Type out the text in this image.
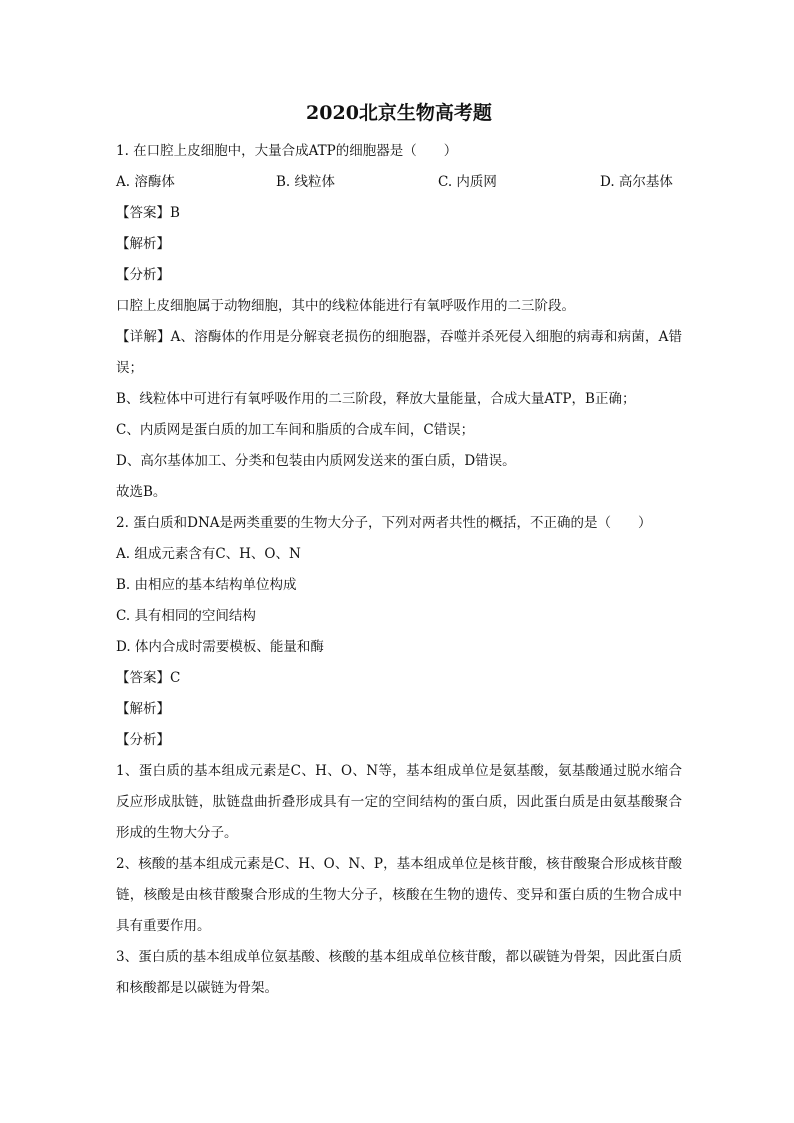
2020北京生物高考题
1. 在口腔上皮细胞中，大量合成ATP的细胞器是（　　）
A. 溶酶体	B. 线粒体	C. 内质网	D. 高尔基体
【答案】B
【解析】
【分析】
口腔上皮细胞属于动物细胞，其中的线粒体能进行有氧呼吸作用的二三阶段。
【详解】A、溶酶体的作用是分解衰老损伤的细胞器，吞噬并杀死侵入细胞的病毒和病菌，A错误；
B、线粒体中可进行有氧呼吸作用的二三阶段，释放大量能量，合成大量ATP，B正确；
C、内质网是蛋白质的加工车间和脂质的合成车间，C错误；
D、高尔基体加工、分类和包装由内质网发送来的蛋白质，D错误。
故选B。
2. 蛋白质和DNA是两类重要的生物大分子，下列对两者共性的概括，不正确的是（　　）
A. 组成元素含有C、H、O、N
B. 由相应的基本结构单位构成
C. 具有相同的空间结构
D. 体内合成时需要模板、能量和酶
【答案】C
【解析】
【分析】
1、蛋白质的基本组成元素是C、H、O、N等，基本组成单位是氨基酸，氨基酸通过脱水缩合反应形成肽链，肽链盘曲折叠形成具有一定的空间结构的蛋白质，因此蛋白质是由氨基酸聚合形成的生物大分子。
2、核酸的基本组成元素是C、H、O、N、P，基本组成单位是核苷酸，核苷酸聚合形成核苷酸链，核酸是由核苷酸聚合形成的生物大分子，核酸在生物的遗传、变异和蛋白质的生物合成中具有重要作用。
3、蛋白质的基本组成单位氨基酸、核酸的基本组成单位核苷酸，都以碳链为骨架，因此蛋白质和核酸都是以碳链为骨架。
